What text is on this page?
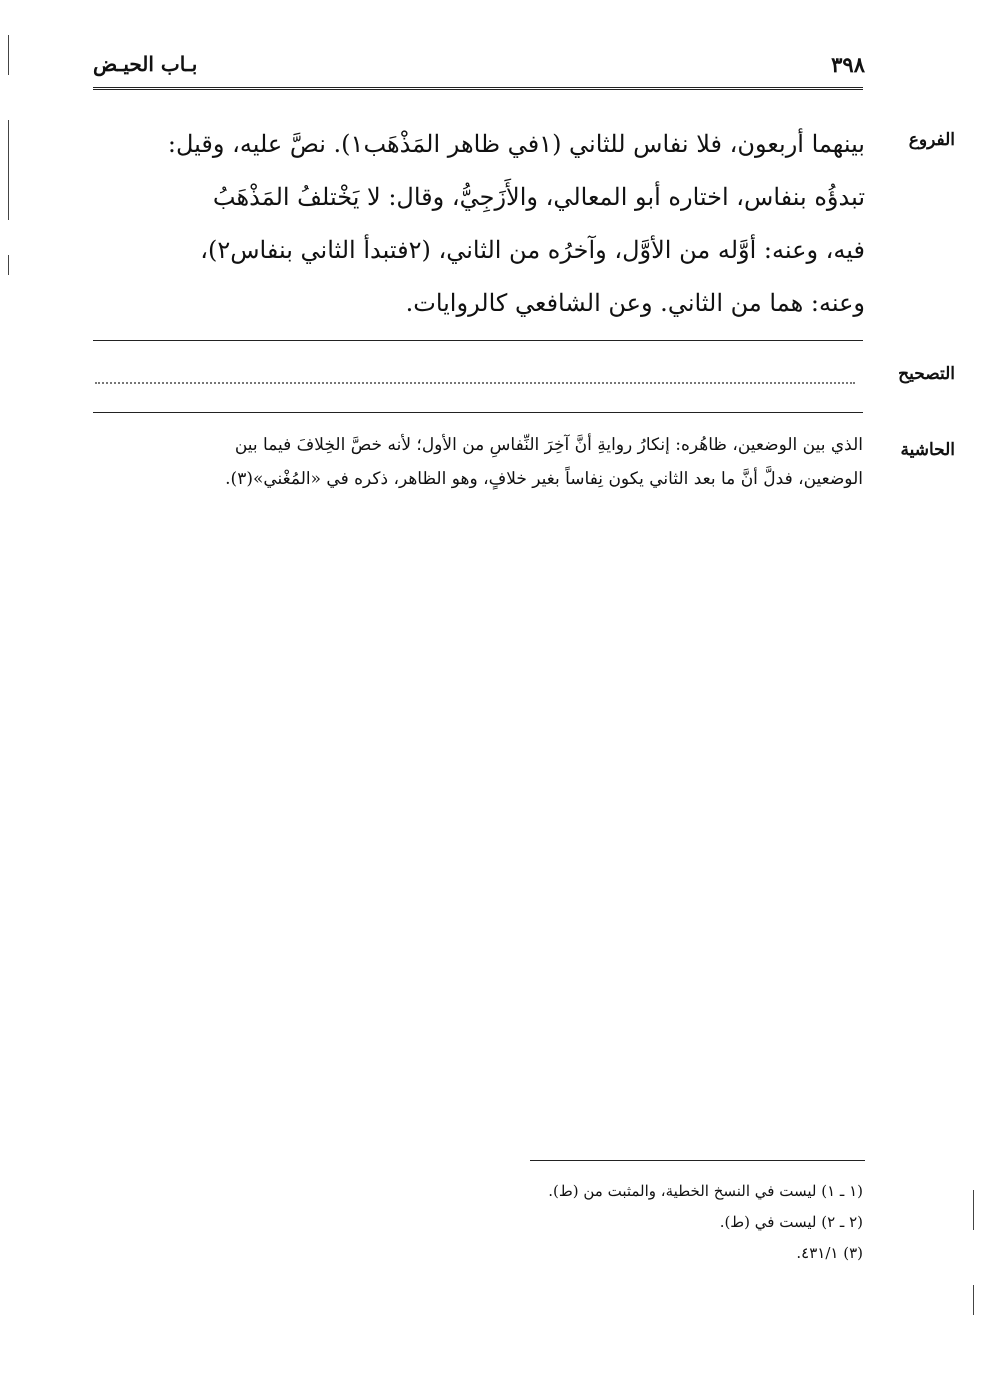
٣٩٨
بـاب الحيـض
الفروع
بينهما أربعون، فلا نفاس للثاني (١في ظاهر المَذْهَب١). نصَّ عليه، وقيل:
تبدؤُه بنفاس، اختاره أبو المعالي، والأَزَجِيُّ، وقال: لا يَخْتلفُ المَذْهَبُ
فيه، وعنه: أوَّله من الأوَّل، وآخرُه من الثاني، (٢فتبدأ الثاني بنفاس٢)،
وعنه: هما من الثاني. وعن الشافعي كالروايات.
التصحيح
الحاشية
الذي بين الوضعين، ظاهُره: إنكارُ روايةِ أنَّ آخِرَ النِّفاسِ من الأول؛ لأنه خصَّ الخِلافَ فيما بين
الوضعين، فدلَّ أنَّ ما بعد الثاني يكون نِفاساً بغير خلافٍ، وهو الظاهر، ذكره في «المُغْني»(٣).
(١ ـ ١) ليست في النسخ الخطية، والمثبت من (ط).
(٢ ـ ٢) ليست في (ط).
(٣) ٤٣١/١.
